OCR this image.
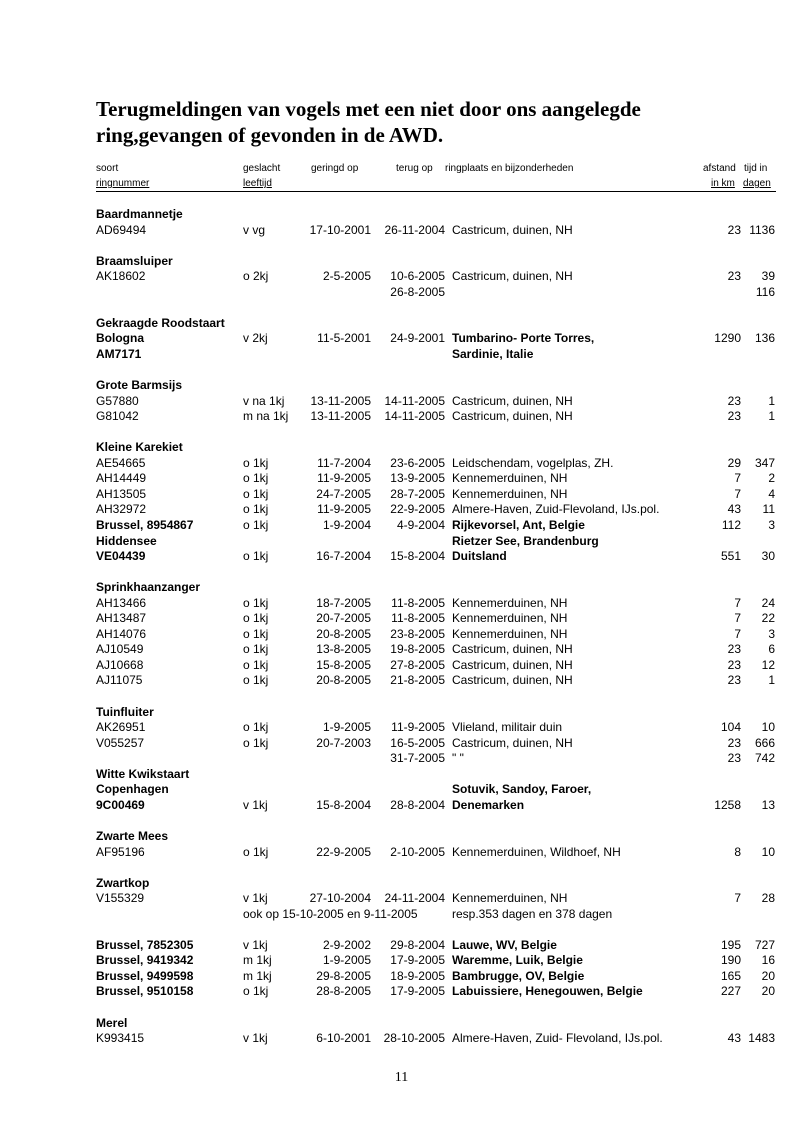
Terugmeldingen van vogels met een niet door ons aangelegde ring,gevangen of gevonden in de AWD.
soort	geslacht	geringd op	terug op ringplaats en bijzonderheden	afstand tijd in
ringnummer	leeftijd	in km dagen
Baardmannetje
AD69494	v vg	17-10-2001 26-11-2004 Castricum, duinen, NH	23 1136
Braamsluiper
AK18602	o 2kj	2-5-2005 10-6-2005 Castricum, duinen, NH	23 39
26-8-2005	116
Gekraagde Roodstaart
Bologna	v 2kj	11-5-2001 24-9-2001 Tumbarino- Porte Torres,	1290 136
AM7171	Sardinie, Italie
Grote Barmsijs
G57880	v na 1kj 13-11-2005 14-11-2005 Castricum, duinen, NH	23 1
G81042	m na 1kj 13-11-2005 14-11-2005 Castricum, duinen, NH	23 1
Kleine Karekiet
AE54665	o 1kj	11-7-2004 23-6-2005 Leidschendam, vogelplas, ZH.	29 347
AH14449	o 1kj	11-9-2005 13-9-2005 Kennemerduinen, NH	7 2
AH13505	o 1kj	24-7-2005 28-7-2005 Kennemerduinen, NH	7 4
AH32972	o 1kj	11-9-2005 22-9-2005 Almere-Haven, Zuid-Flevoland, IJs.pol.	43 11
Brussel, 8954867	o 1kj	1-9-2004 4-9-2004 Rijkevorsel, Ant, Belgie	112 3
Hiddensee	Rietzer See, Brandenburg
VE04439	o 1kj	16-7-2004 15-8-2004 Duitsland	551 30
Sprinkhaanzanger
AH13466	o 1kj	18-7-2005 11-8-2005 Kennemerduinen, NH	7 24
AH13487	o 1kj	20-7-2005 11-8-2005 Kennemerduinen, NH	7 22
AH14076	o 1kj	20-8-2005 23-8-2005 Kennemerduinen, NH	7 3
AJ10549	o 1kj	13-8-2005 19-8-2005 Castricum, duinen, NH	23 6
AJ10668	o 1kj	15-8-2005 27-8-2005 Castricum, duinen, NH	23 12
AJ11075	o 1kj	20-8-2005 21-8-2005 Castricum, duinen, NH	23 1
Tuinfluiter
AK26951	o 1kj	1-9-2005 11-9-2005 Vlieland, militair duin	104 10
V055257	o 1kj	20-7-2003 16-5-2005 Castricum, duinen, NH	23 666
31-7-2005 " "	23 742
Witte Kwikstaart
Copenhagen	Sotuvik, Sandoy, Faroer,
9C00469	v 1kj	15-8-2004 28-8-2004 Denemarken	1258 13
Zwarte Mees
AF95196	o 1kj	22-9-2005 2-10-2005 Kennemerduinen, Wildhoef, NH	8 10
Zwartkop
V155329	v 1kj	27-10-2004 24-11-2004 Kennemerduinen, NH	7 28
ook op 15-10-2005 en 9-11-2005	resp.353 dagen en 378 dagen
Brussel, 7852305	v 1kj	2-9-2002 29-8-2004 Lauwe, WV, Belgie	195 727
Brussel, 9419342	m 1kj	1-9-2005 17-9-2005 Waremme, Luik, Belgie	190 16
Brussel, 9499598	m 1kj	29-8-2005 18-9-2005 Bambrugge, OV, Belgie	165 20
Brussel, 9510158	o 1kj	28-8-2005 17-9-2005 Labuissiere, Henegouwen, Belgie	227 20
Merel
K993415	v 1kj	6-10-2001 28-10-2005 Almere-Haven, Zuid- Flevoland, IJs.pol.	43 1483
11
